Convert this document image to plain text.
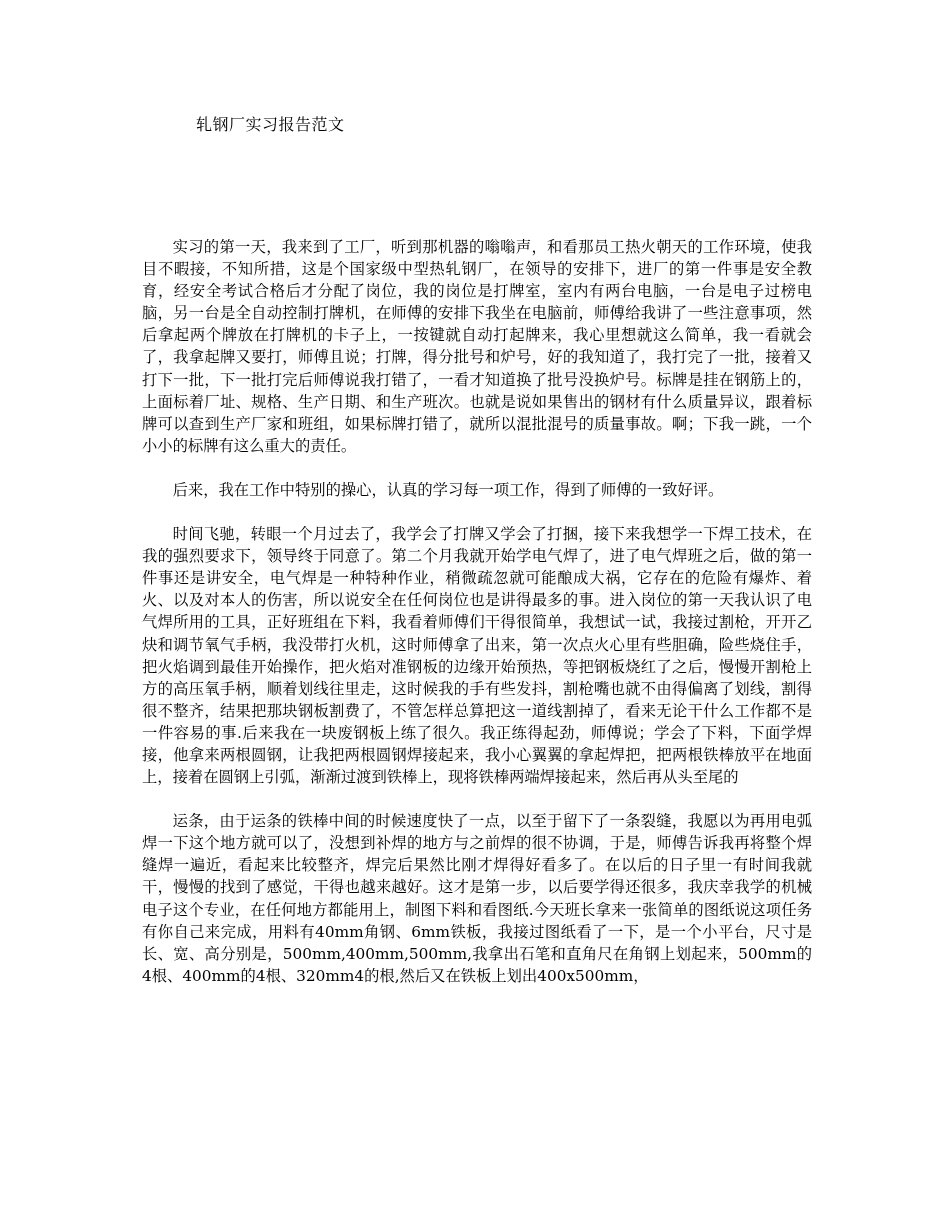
轧钢厂实习报告范文

实习的第一天，我来到了工厂，听到那机器的嗡嗡声，和看那员工热火朝天的工作环境，使我目不暇接，不知所措，这是个国家级中型热轧钢厂，在领导的安排下，进厂的第一件事是安全教育，经安全考试合格后才分配了岗位，我的岗位是打牌室，室内有两台电脑，一台是电子过榜电脑，另一台是全自动控制打牌机，在师傅的安排下我坐在电脑前，师傅给我讲了一些注意事项，然后拿起两个牌放在打牌机的卡子上，一按键就自动打起牌来，我心里想就这么简单，我一看就会了，我拿起牌又要打，师傅且说；打牌，得分批号和炉号，好的我知道了，我打完了一批，接着又打下一批，下一批打完后师傅说我打错了，一看才知道换了批号没换炉号。标牌是挂在钢筋上的，上面标着厂址、规格、生产日期、和生产班次。也就是说如果售出的钢材有什么质量异议，跟着标牌可以查到生产厂家和班组，如果标牌打错了，就所以混批混号的质量事故。啊；下我一跳，一个小小的标牌有这么重大的责任。

后来，我在工作中特别的操心，认真的学习每一项工作，得到了师傅的一致好评。

时间飞驰，转眼一个月过去了，我学会了打牌又学会了打捆，接下来我想学一下焊工技术，在我的强烈要求下，领导终于同意了。第二个月我就开始学电气焊了，进了电气焊班之后，做的第一件事还是讲安全，电气焊是一种特种作业，稍微疏忽就可能酿成大祸，它存在的危险有爆炸、着火、以及对本人的伤害，所以说安全在任何岗位也是讲得最多的事。进入岗位的第一天我认识了电气焊所用的工具，正好班组在下料，我看着师傅们干得很简单，我想试一试，我接过割枪，开开乙炔和调节氧气手柄，我没带打火机，这时师傅拿了出来，第一次点火心里有些胆确，险些烧住手，把火焰调到最佳开始操作，把火焰对准钢板的边缘开始预热，等把钢板烧红了之后，慢慢开割枪上方的高压氧手柄，顺着划线往里走，这时候我的手有些发抖，割枪嘴也就不由得偏离了划线，割得很不整齐，结果把那块钢板割费了，不管怎样总算把这一道线割掉了，看来无论干什么工作都不是一件容易的事.后来我在一块废钢板上练了很久。我正练得起劲，师傅说；学会了下料，下面学焊接，他拿来两根圆钢，让我把两根圆钢焊接起来，我小心翼翼的拿起焊把，把两根铁棒放平在地面上，接着在圆钢上引弧，渐渐过渡到铁棒上，现将铁棒两端焊接起来，然后再从头至尾的

运条，由于运条的铁棒中间的时候速度快了一点，以至于留下了一条裂缝，我愿以为再用电弧焊一下这个地方就可以了，没想到补焊的地方与之前焊的很不协调，于是，师傅告诉我再将整个焊缝焊一遍近，看起来比较整齐，焊完后果然比刚才焊得好看多了。在以后的日子里一有时间我就干，慢慢的找到了感觉，干得也越来越好。这才是第一步，以后要学得还很多，我庆幸我学的机械电子这个专业，在任何地方都能用上，制图下料和看图纸.今天班长拿来一张简单的图纸说这项任务有你自己来完成，用料有40mm角钢、6mm铁板，我接过图纸看了一下，是一个小平台，尺寸是长、宽、高分别是，500mm,400mm,500mm,我拿出石笔和直角尺在角钢上划起来，500mm的4根、400mm的4根、320mm4的根,然后又在铁板上划出400x500mm，
